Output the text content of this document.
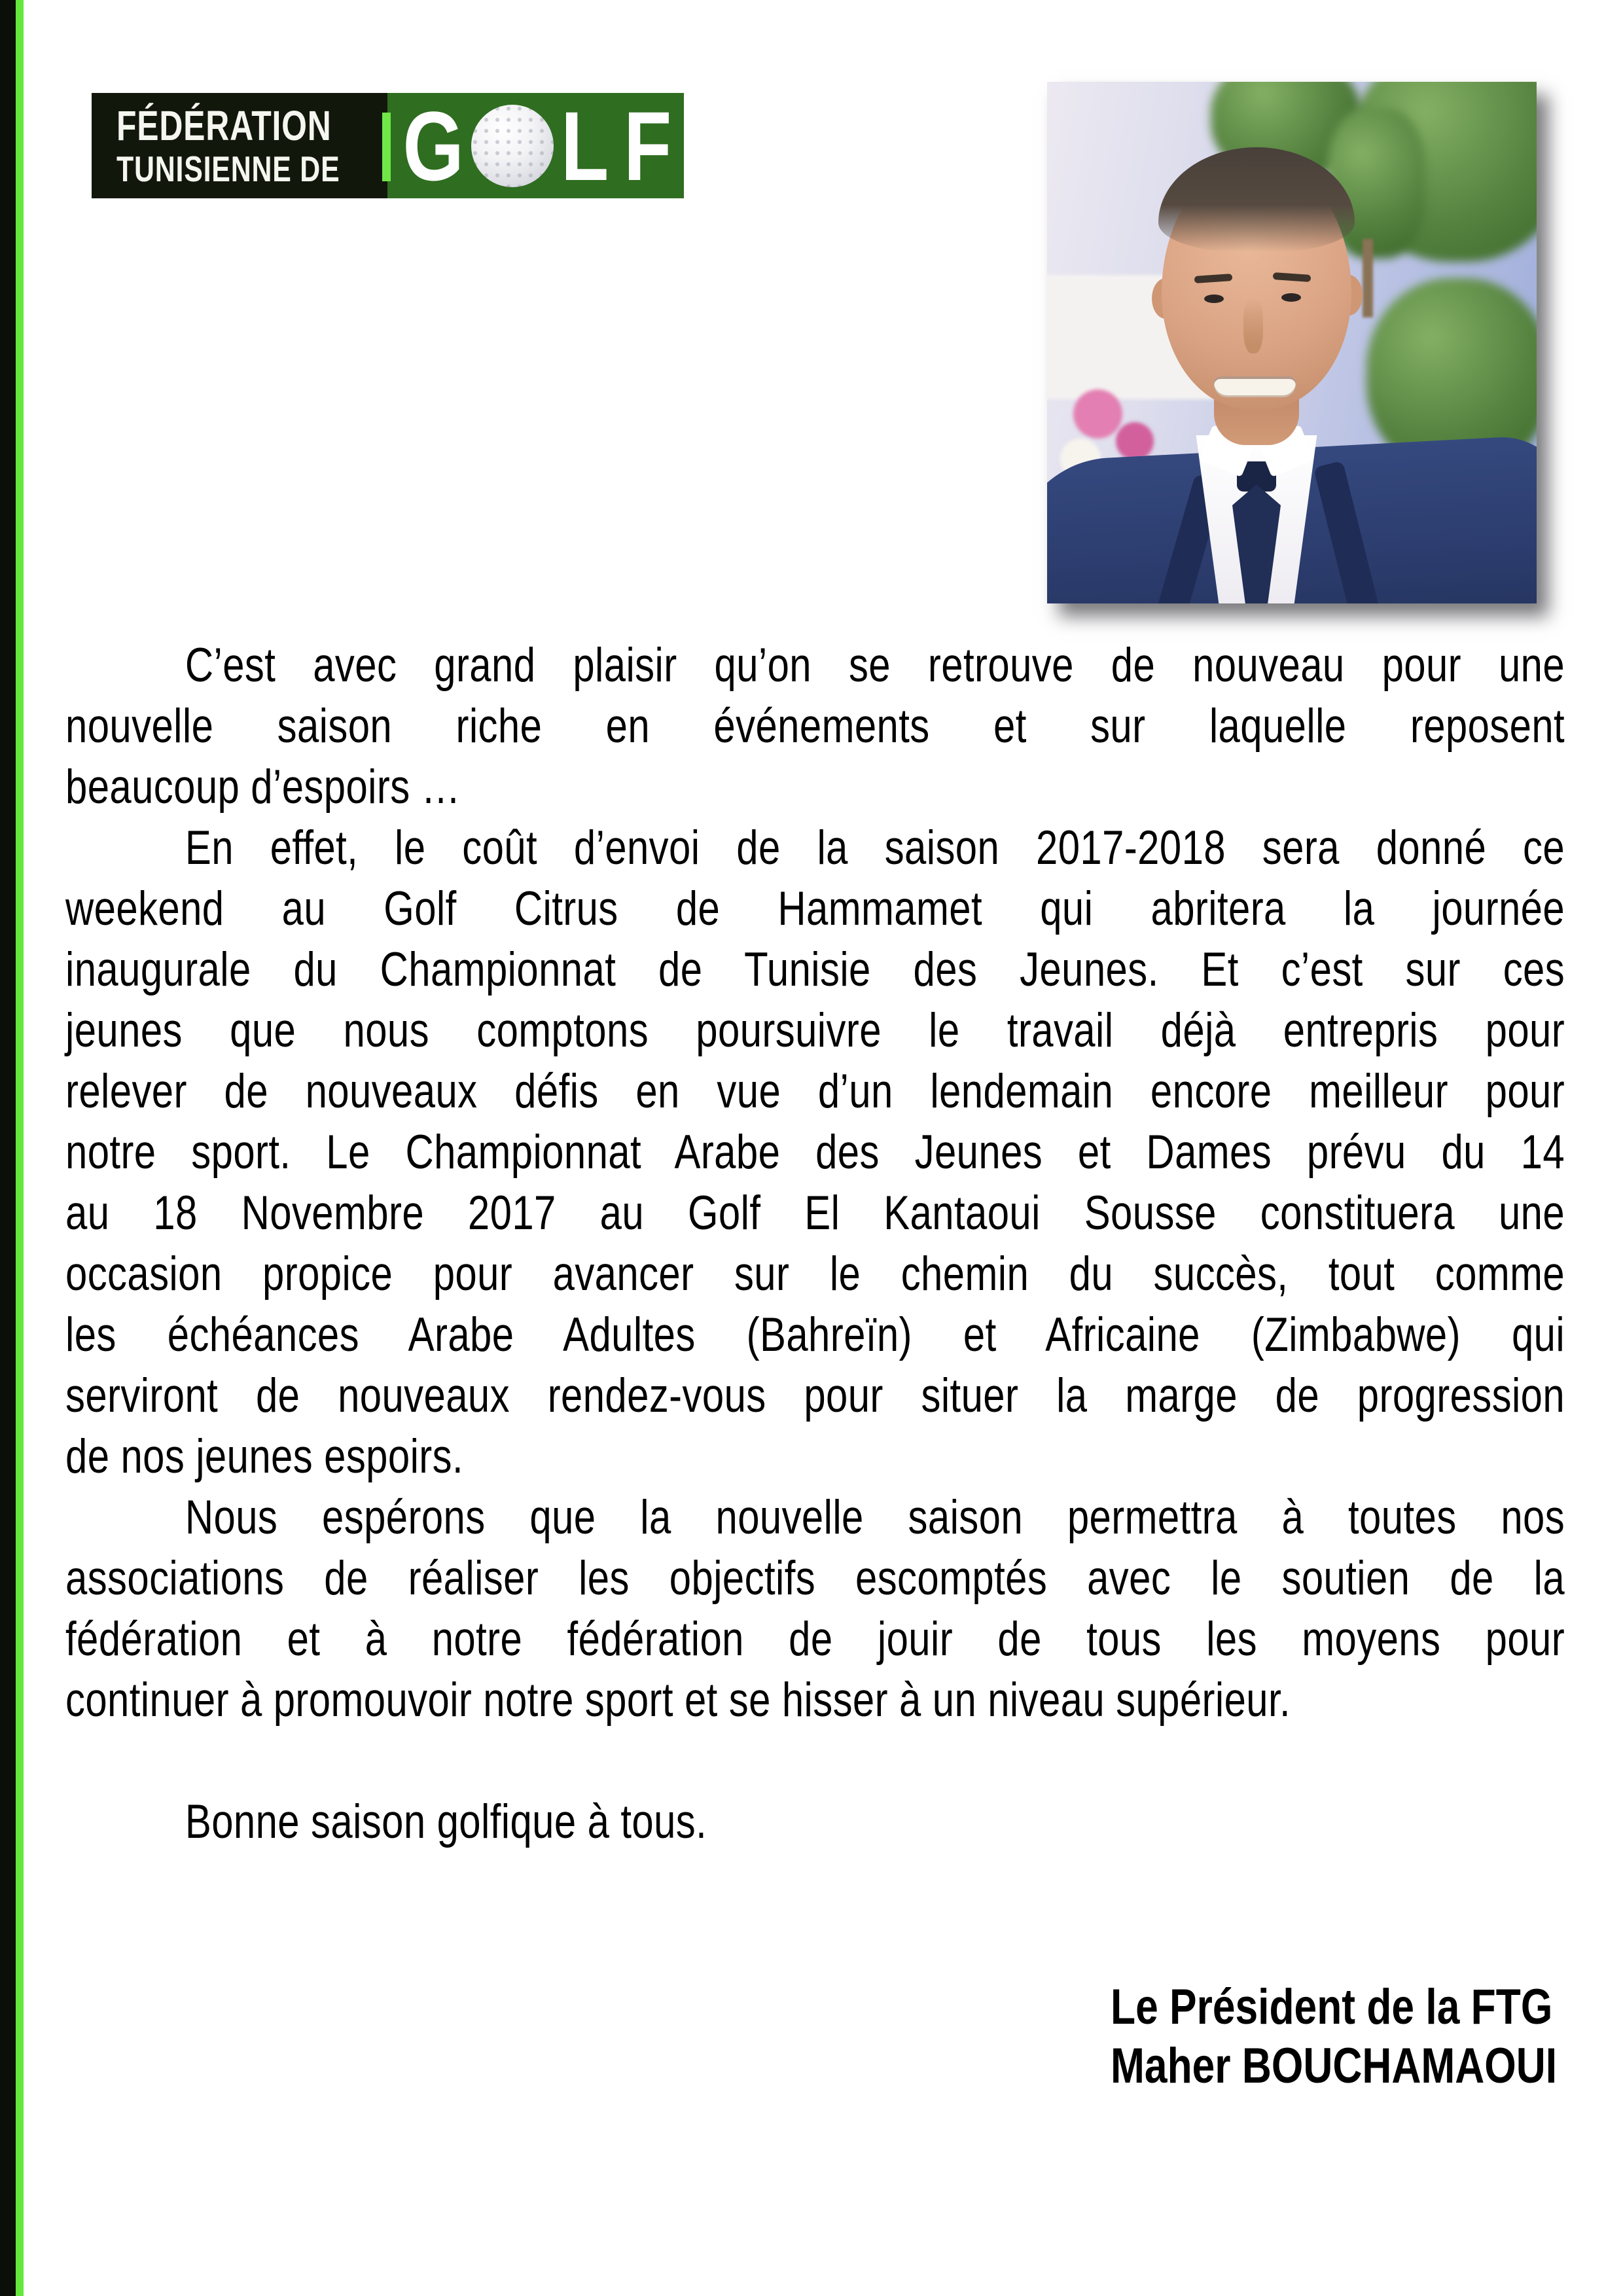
FÉDÉRATION
TUNISIENNE DE G L F
C’est avec grand plaisir qu’on se retrouve de nouveau pour une
nouvelle saison riche en événements et sur laquelle reposent
beaucoup d’espoirs …
En effet, le coût d’envoi de la saison 2017-2018 sera donné ce
weekend au Golf Citrus de Hammamet qui abritera la journée
inaugurale du Championnat de Tunisie des Jeunes. Et c’est sur ces
jeunes que nous comptons poursuivre le travail déjà entrepris pour
relever de nouveaux défis en vue d’un lendemain encore meilleur pour
notre sport. Le Championnat Arabe des Jeunes et Dames prévu du 14
au 18 Novembre 2017 au Golf El Kantaoui Sousse constituera une
occasion propice pour avancer sur le chemin du succès, tout comme
les échéances Arabe Adultes (Bahreïn) et Africaine (Zimbabwe) qui
serviront de nouveaux rendez-vous pour situer la marge de progression
de nos jeunes espoirs.
Nous espérons que la nouvelle saison permettra à toutes nos
associations de réaliser les objectifs escomptés avec le soutien de la
fédération et à notre fédération de jouir de tous les moyens pour
continuer à promouvoir notre sport et se hisser à un niveau supérieur.
Bonne saison golfique à tous.
Le Président de la FTG
Maher BOUCHAMAOUI
